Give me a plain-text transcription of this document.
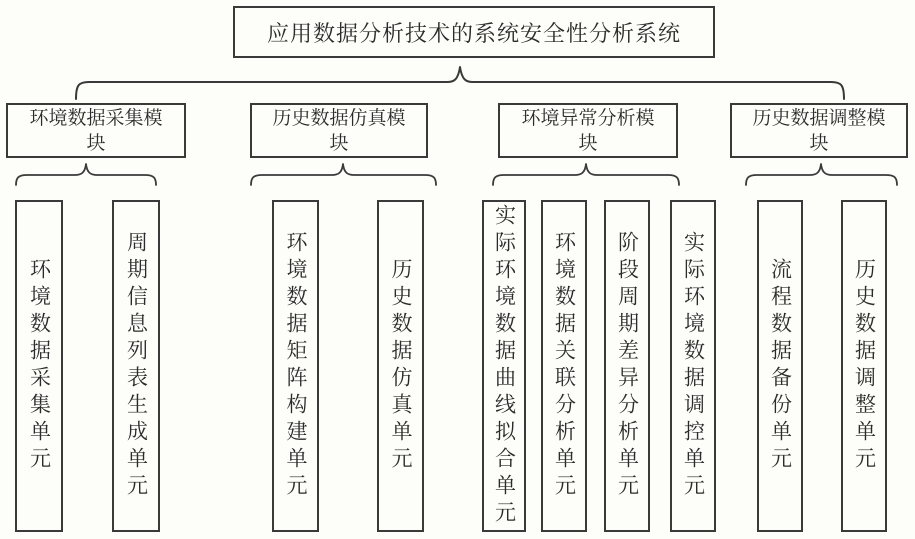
应用数据分析技术的系统安全性分析系统
环境数据采集模块
历史数据仿真模块
环境异常分析模块
历史数据调整模块
环境数据采集单元	周期信息列表生成单元	环境数据矩阵构建单元	历史数据仿真单元	实际环境数据曲线拟合单元 环境数据关联分析单元 阶段周期差异分析单元 实际环境数据调控单元	流程数据备份单元	历史数据调整单元
